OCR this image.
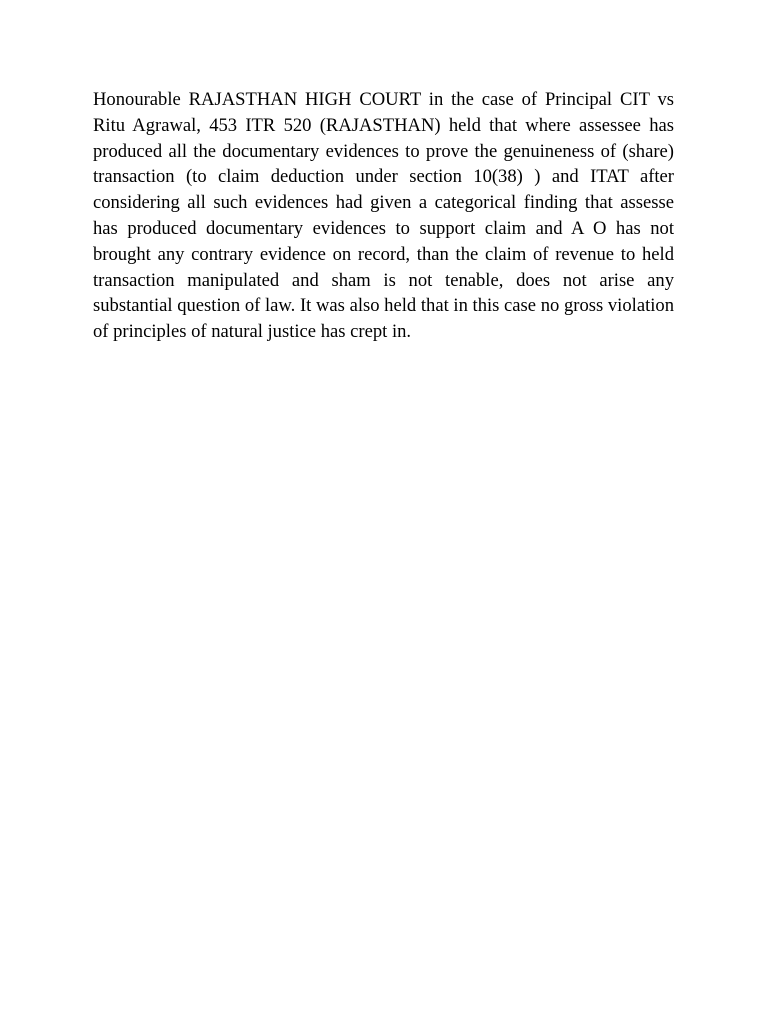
Honourable RAJASTHAN HIGH COURT in the case of Principal CIT vs Ritu Agrawal, 453 ITR 520 (RAJASTHAN) held that where assessee has produced all the documentary evidences to prove the genuineness of (share) transaction (to claim deduction under section 10(38) ) and ITAT after considering all such evidences had given a categorical finding that assesse has produced documentary evidences to support claim and A O has not brought any contrary evidence on record, than the claim of revenue to held transaction manipulated and sham is not tenable, does not arise any substantial question of law. It was also held that in this case no gross violation of principles of natural justice has crept in.
